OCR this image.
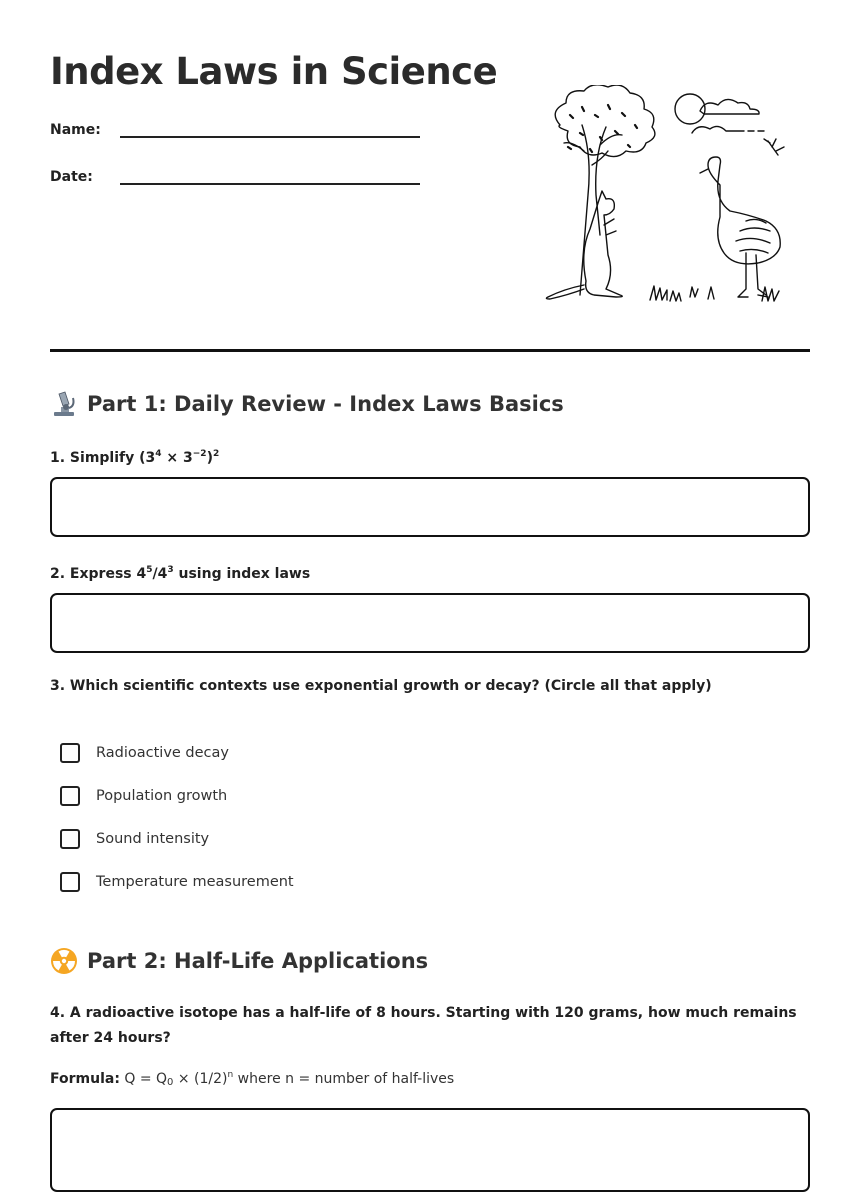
Index Laws in Science
Name:
Date:
Part 1: Daily Review - Index Laws Basics

1. Simplify $(3^4 \times 3^{-2})^2$

2. Express $4^5/4^3$ using index laws

3. Which scientific contexts use exponential growth or decay? (Circle all that apply)

Radioactive decay
Population growth
Sound intensity
Temperature measurement
Part 2: Half-Life Applications

4. A radioactive isotope has a half-life of 8 hours. Starting with 120 grams, how much remains after 24 hours?

Formula: $Q = Q_0 \times (1/2)^n$ where n = number of half-lives
